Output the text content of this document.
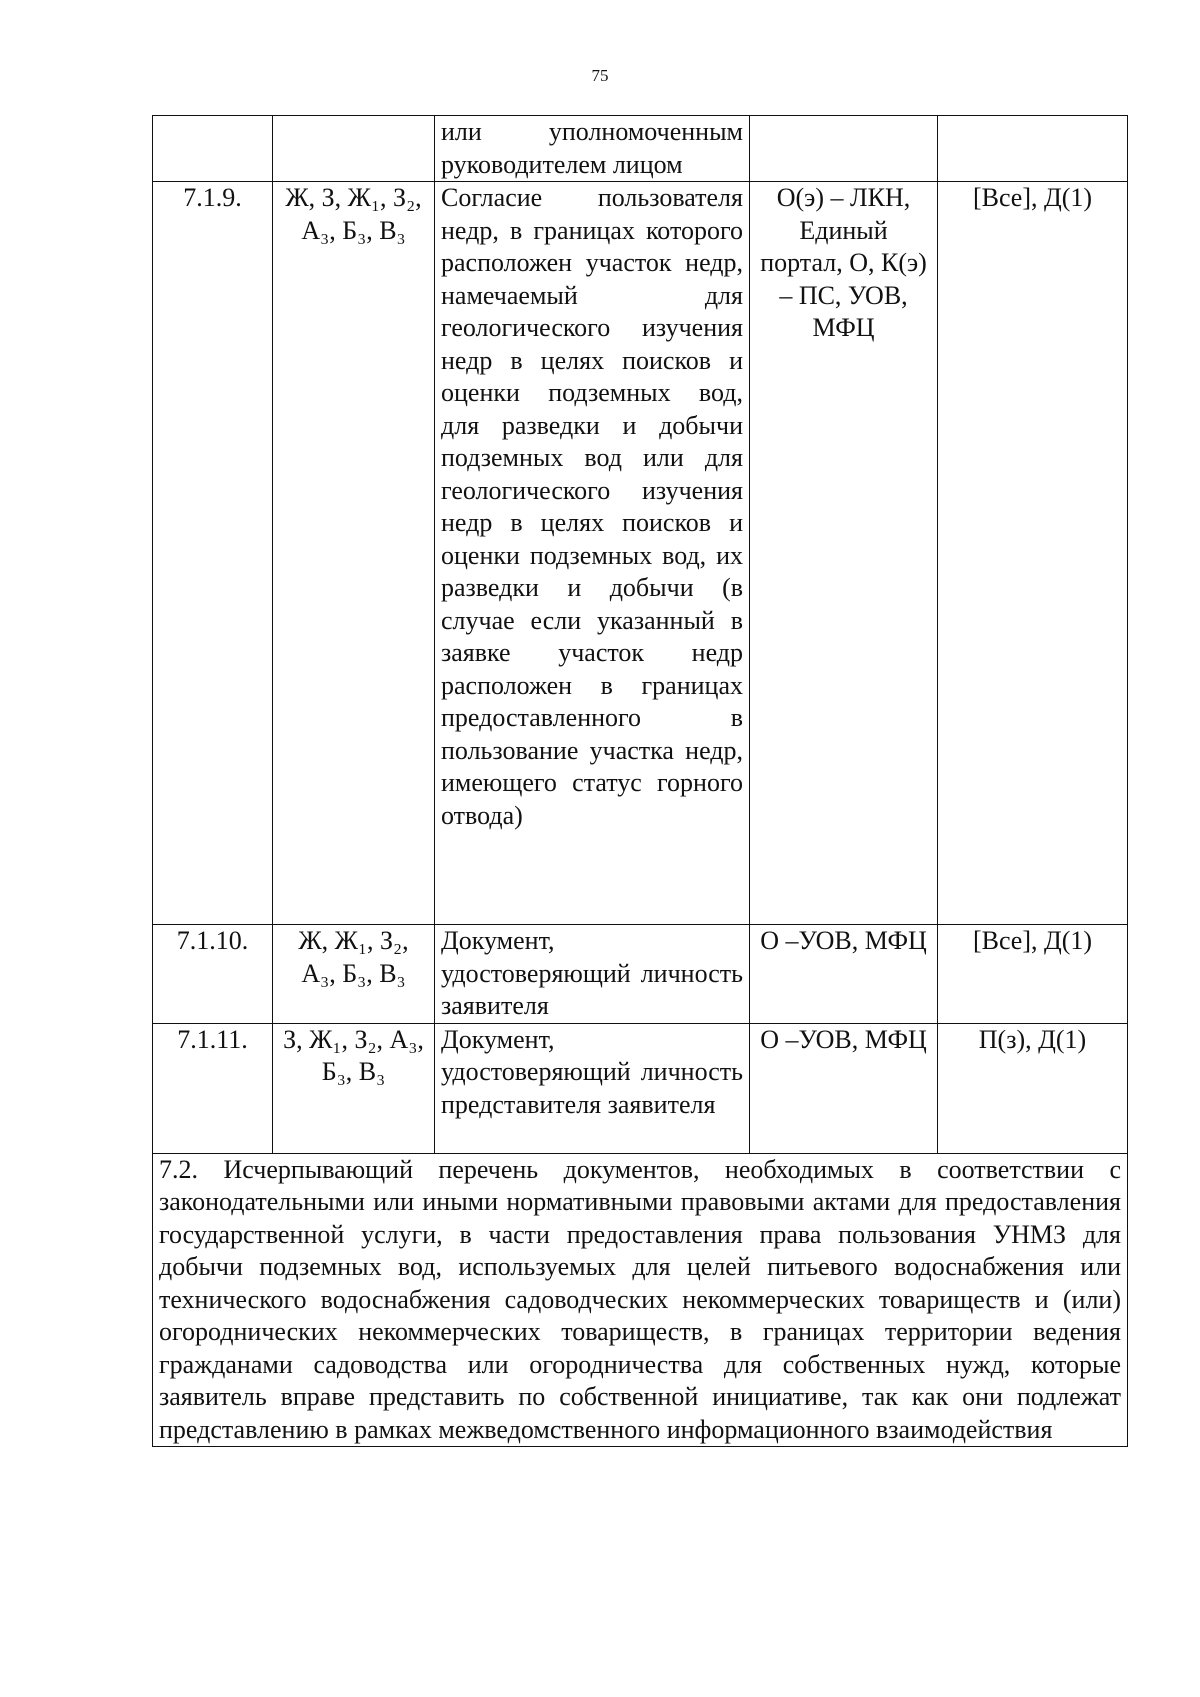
75
		или уполномоченным руководителем лицом		
7.1.9.	Ж, З, Ж₁, З₂, А₃, Б₃, В₃	Согласие пользователя недр, в границах которого расположен участок недр, намечаемый для геологического изучения недр в целях поисков и оценки подземных вод, для разведки и добычи подземных вод или для геологического изучения недр в целях поисков и оценки подземных вод, их разведки и добычи (в случае если указанный в заявке участок недр расположен в границах предоставленного в пользование участка недр, имеющего статус горного отвода)	О(э) – ЛКН, Единый портал, О, К(э) – ПС, УОВ, МФЦ	[Все], Д(1)
7.1.10.	Ж, Ж₁, З₂, А₃, Б₃, В₃	Документ, удостоверяющий личность заявителя	О –УОВ, МФЦ	[Все], Д(1)
7.1.11.	З, Ж₁, З₂, А₃, Б₃, В₃	Документ, удостоверяющий личность представителя заявителя	О –УОВ, МФЦ	П(з), Д(1)
7.2. Исчерпывающий перечень документов, необходимых в соответствии с законодательными или иными нормативными правовыми актами для предоставления государственной услуги, в части предоставления права пользования УНМЗ для добычи подземных вод, используемых для целей питьевого водоснабжения или технического водоснабжения садоводческих некоммерческих товариществ и (или) огороднических некоммерческих товариществ, в границах территории ведения гражданами садоводства или огородничества для собственных нужд, которые заявитель вправе представить по собственной инициативе, так как они подлежат представлению в рамках межведомственного информационного взаимодействия				
